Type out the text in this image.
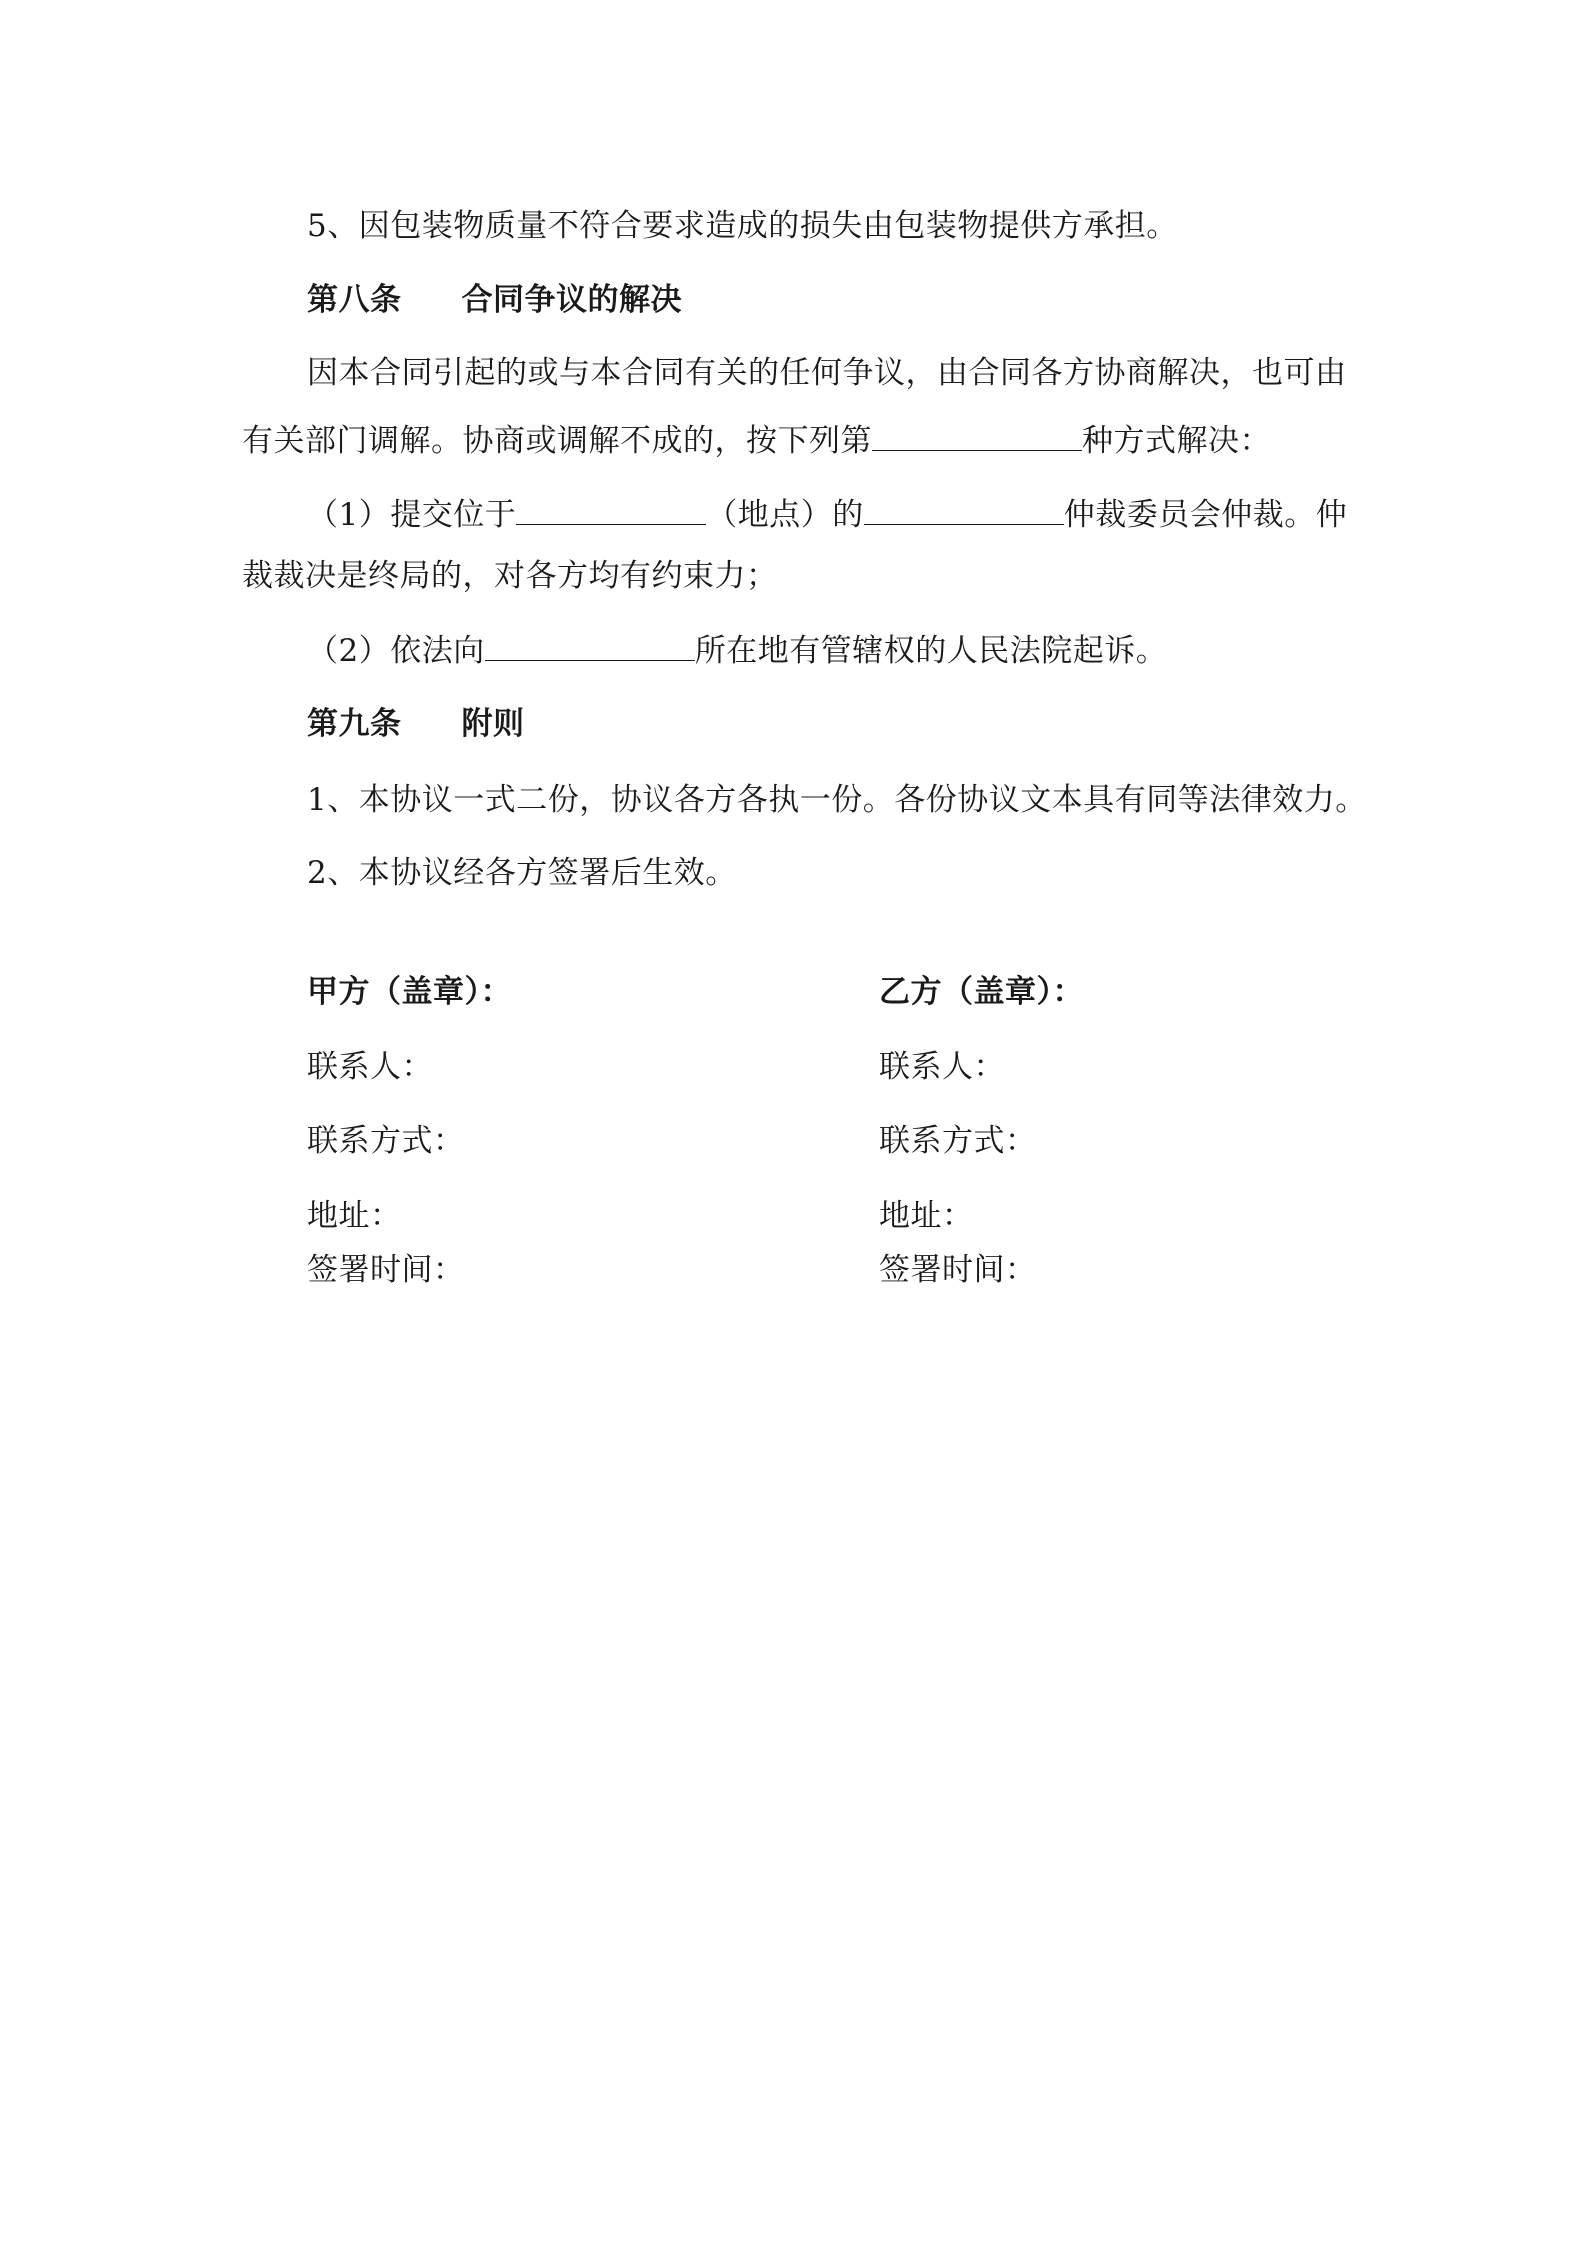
5、因包装物质量不符合要求造成的损失由包装物提供方承担。
第八条 合同争议的解决
因本合同引起的或与本合同有关的任何争议，由合同各方协商解决，也可由
有关部门调解。协商或调解不成的，按下列第	种方式解决：
（1）提交位于	（地点）的	仲裁委员会仲裁。仲
裁裁决是终局的，对各方均有约束力；
（2）依法向	所在地有管辖权的人民法院起诉。
第九条 附则
1、本协议一式二份，协议各方各执一份。各份协议文本具有同等法律效力。
2、本协议经各方签署后生效。
甲方（盖章）：
联系人：
联系方式：
地址：
签署时间：
乙方（盖章）：
联系人：
联系方式：
地址：
签署时间：
